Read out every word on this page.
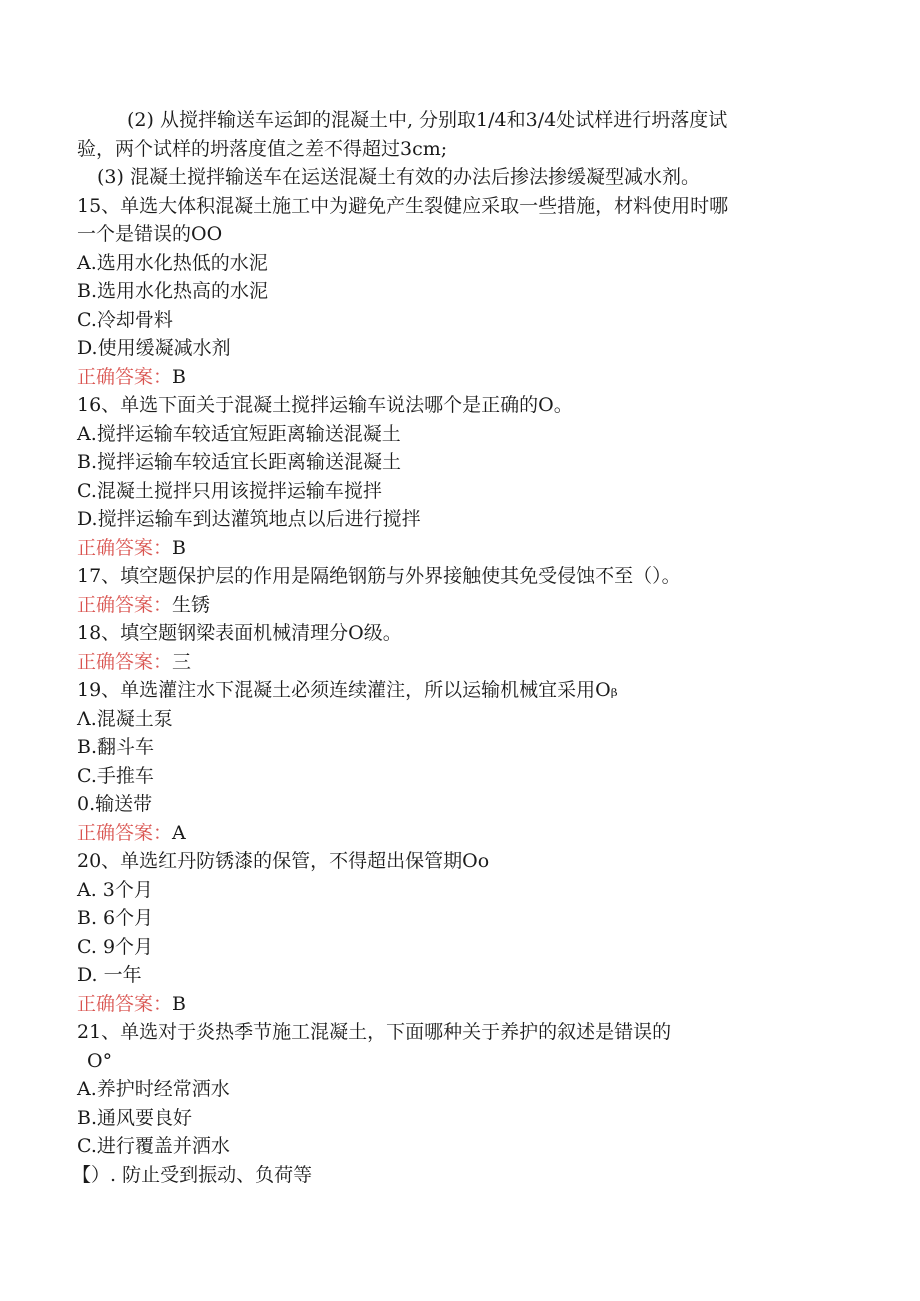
(2) 从搅拌输送车运卸的混凝土中, 分别取1/4和3/4处试样进行坍落度试
验，两个试样的坍落度值之差不得超过3cm;
(3) 混凝土搅拌输送车在运送混凝土有效的办法后掺法掺缓凝型减水剂。
15、单选大体积混凝土施工中为避免产生裂健应采取一些措施，材料使用时哪
一个是错误的OO
A.选用水化热低的水泥
B.选用水化热高的水泥
C.冷却骨料
D.使用缓凝减水剂
正确答案：B
16、单选下面关于混凝土搅拌运输车说法哪个是正确的O。
A.搅拌运输车较适宜短距离输送混凝土
B.搅拌运输车较适宜长距离输送混凝土
C.混凝土搅拌只用该搅拌运输车搅拌
D.搅拌运输车到达灌筑地点以后进行搅拌
正确答案：B
17、填空题保护层的作用是隔绝钢筋与外界接触使其免受侵蚀不至（）。
正确答案：生锈
18、填空题钢梁表面机械清理分O级。
正确答案：三
19、单选灌注水下混凝土必须连续灌注，所以运输机械宜采用Oᵦ
Λ.混凝土泵
B.翻斗车
C.手推车
0.输送带
正确答案：A
20、单选红丹防锈漆的保管，不得超出保管期Oo
A. 3个月
B. 6个月
C. 9个月
D. 一年
正确答案：B
21、单选对于炎热季节施工混凝土，下面哪种关于养护的叙述是错误的
O°
A.养护时经常洒水
B.通风要良好
C.进行覆盖并洒水
【）. 防止受到振动、负荷等
